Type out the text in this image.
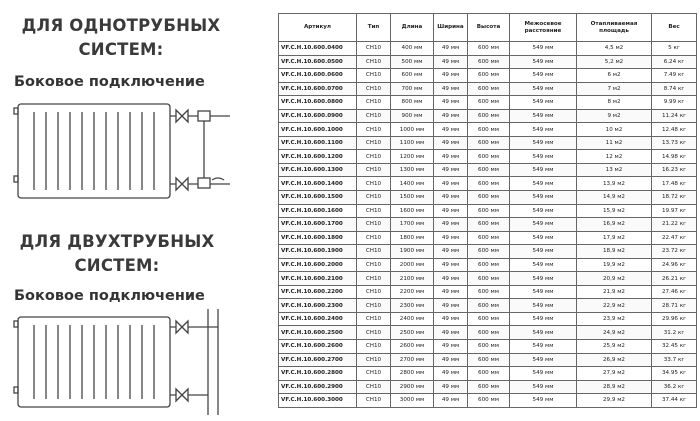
ДЛЯ ОДНОТРУБНЫХ
СИСТЕМ:
Боковое подключение
ДЛЯ ДВУХТРУБНЫХ
СИСТЕМ:
Боковое подключение
Артикул	Тип	Длина	Ширина	Высота	Межосевое расстояние	Отапливаемая площадь	Вес
VF.C.H.10.600.0400	CH10	400 мм	49 мм	600 мм	549 мм	4,5 м2	5 кг
VF.C.H.10.600.0500	CH10	500 мм	49 мм	600 мм	549 мм	5,2 м2	6.24 кг
VF.C.H.10.600.0600	CH10	600 мм	49 мм	600 мм	549 мм	6 м2	7.49 кг
VF.C.H.10.600.0700	CH10	700 мм	49 мм	600 мм	549 мм	7 м2	8.74 кг
VF.C.H.10.600.0800	CH10	800 мм	49 мм	600 мм	549 мм	8 м2	9.99 кг
VF.C.H.10.600.0900	CH10	900 мм	49 мм	600 мм	549 мм	9 м2	11.24 кг
VF.C.H.10.600.1000	CH10	1000 мм	49 мм	600 мм	549 мм	10 м2	12.48 кг
VF.C.H.10.600.1100	CH10	1100 мм	49 мм	600 мм	549 мм	11 м2	13.73 кг
VF.C.H.10.600.1200	CH10	1200 мм	49 мм	600 мм	549 мм	12 м2	14.98 кг
VF.C.H.10.600.1300	CH10	1300 мм	49 мм	600 мм	549 мм	13 м2	16.23 кг
VF.C.H.10.600.1400	CH10	1400 мм	49 мм	600 мм	549 мм	13,9 м2	17.48 кг
VF.C.H.10.600.1500	CH10	1500 мм	49 мм	600 мм	549 мм	14,9 м2	18.72 кг
VF.C.H.10.600.1600	CH10	1600 мм	49 мм	600 мм	549 мм	15,9 м2	19.97 кг
VF.C.H.10.600.1700	CH10	1700 мм	49 мм	600 мм	549 мм	16,9 м2	21.22 кг
VF.C.H.10.600.1800	CH10	1800 мм	49 мм	600 мм	549 мм	17,9 м2	22.47 кг
VF.C.H.10.600.1900	CH10	1900 мм	49 мм	600 мм	549 мм	18,9 м2	23.72 кг
VF.C.H.10.600.2000	CH10	2000 мм	49 мм	600 мм	549 мм	19,9 м2	24.96 кг
VF.C.H.10.600.2100	CH10	2100 мм	49 мм	600 мм	549 мм	20,9 м2	26.21 кг
VF.C.H.10.600.2200	CH10	2200 мм	49 мм	600 мм	549 мм	21,9 м2	27.46 кг
VF.C.H.10.600.2300	CH10	2300 мм	49 мм	600 мм	549 мм	22,9 м2	28.71 кг
VF.C.H.10.600.2400	CH10	2400 мм	49 мм	600 мм	549 мм	23,9 м2	29.96 кг
VF.C.H.10.600.2500	CH10	2500 мм	49 мм	600 мм	549 мм	24,9 м2	31.2 кг
VF.C.H.10.600.2600	CH10	2600 мм	49 мм	600 мм	549 мм	25,9 м2	32.45 кг
VF.C.H.10.600.2700	CH10	2700 мм	49 мм	600 мм	549 мм	26,9 м2	33.7 кг
VF.C.H.10.600.2800	CH10	2800 мм	49 мм	600 мм	549 мм	27,9 м2	34.95 кг
VF.C.H.10.600.2900	CH10	2900 мм	49 мм	600 мм	549 мм	28,9 м2	36.2 кг
VF.C.H.10.600.3000	CH10	3000 мм	49 мм	600 мм	549 мм	29,9 м2	37.44 кг
